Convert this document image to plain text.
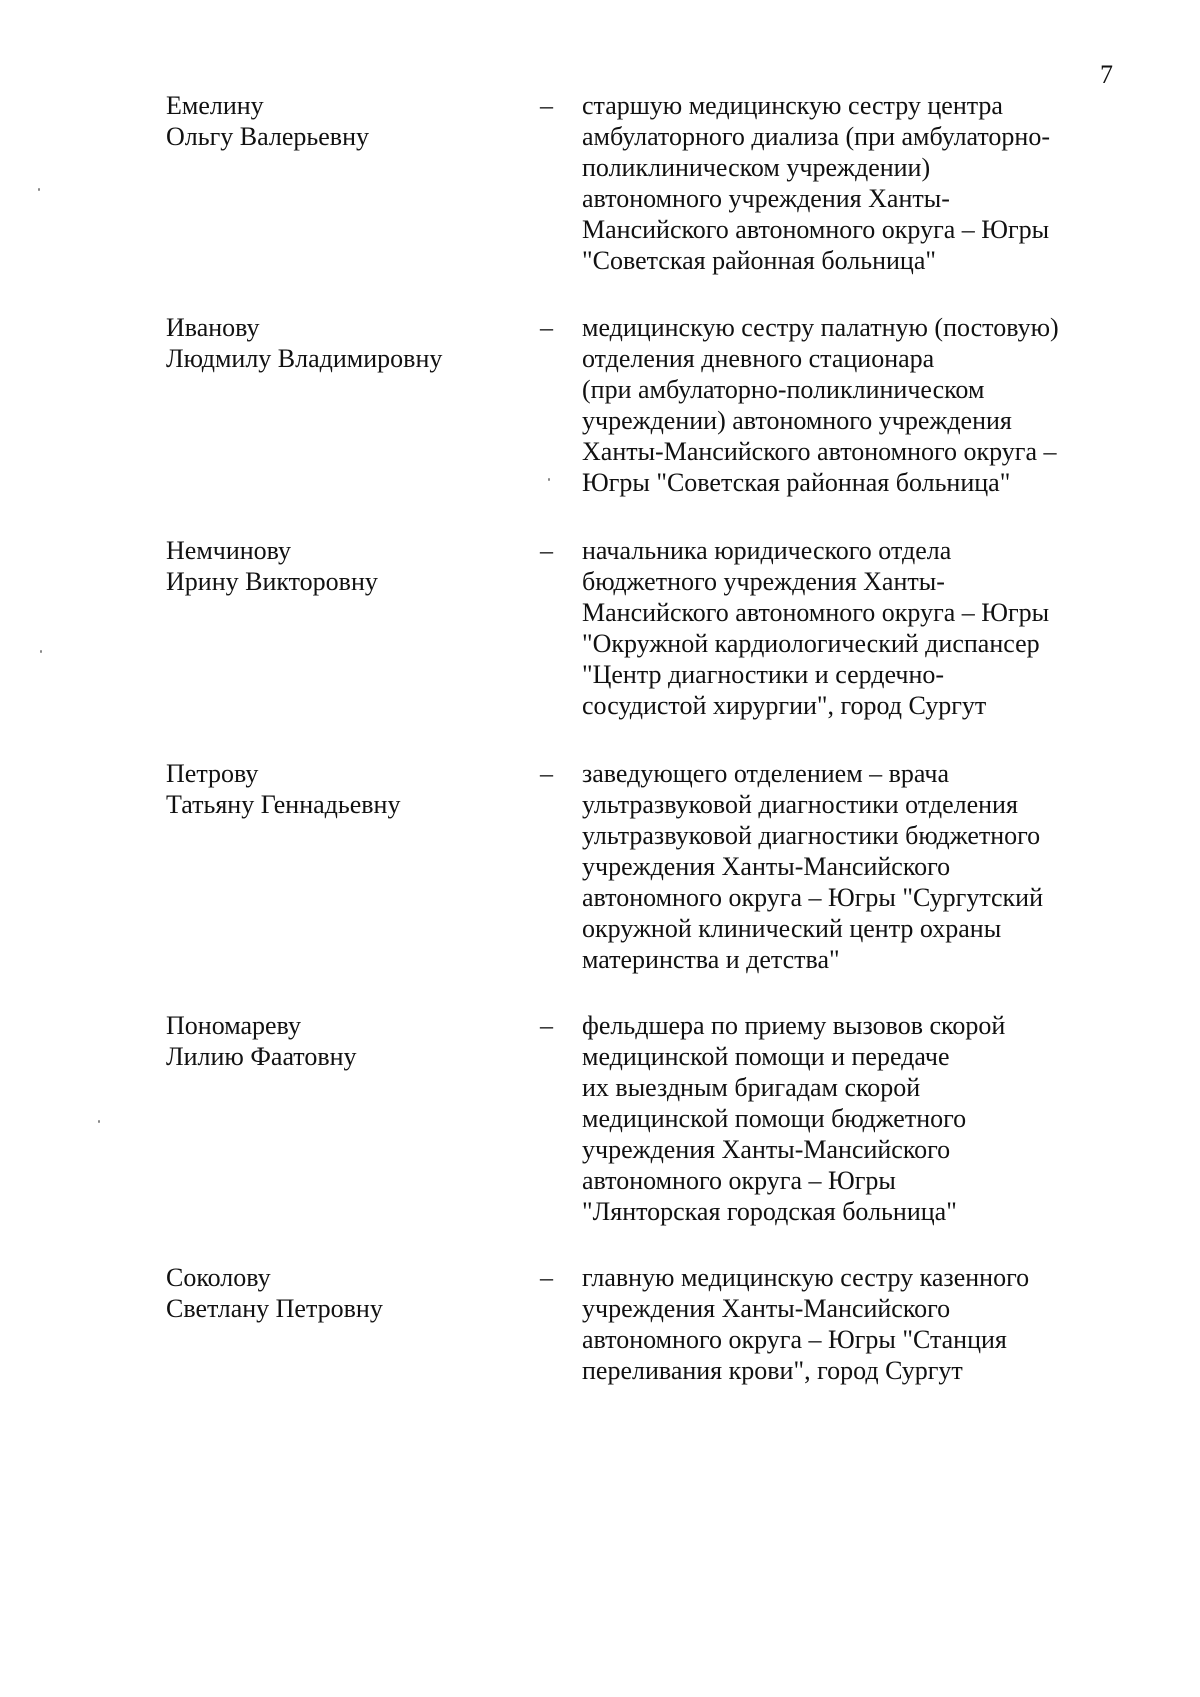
7
Емелину
Ольгу Валерьевну
– старшую медицинскую сестру центра
амбулаторного диализа (при амбулаторно-
поликлиническом учреждении)
автономного учреждения Ханты-
Мансийского автономного округа – Югры
"Советская районная больница"
Иванову
Людмилу Владимировну
– медицинскую сестру палатную (постовую)
отделения дневного стационара
(при амбулаторно-поликлиническом
учреждении) автономного учреждения
Ханты-Мансийского автономного округа –
Югры "Советская районная больница"
Немчинову
Ирину Викторовну
– начальника юридического отдела
бюджетного учреждения Ханты-
Мансийского автономного округа – Югры
"Окружной кардиологический диспансер
"Центр диагностики и сердечно-
сосудистой хирургии", город Сургут
Петрову
Татьяну Геннадьевну
– заведующего отделением – врача
ультразвуковой диагностики отделения
ультразвуковой диагностики бюджетного
учреждения Ханты-Мансийского
автономного округа – Югры "Сургутский
окружной клинический центр охраны
материнства и детства"
Пономареву
Лилию Фаатовну
– фельдшера по приему вызовов скорой
медицинской помощи и передаче
их выездным бригадам скорой
медицинской помощи бюджетного
учреждения Ханты-Мансийского
автономного округа – Югры
"Лянторская городская больница"
Соколову
Светлану Петровну
– главную медицинскую сестру казенного
учреждения Ханты-Мансийского
автономного округа – Югры "Станция
переливания крови", город Сургут
